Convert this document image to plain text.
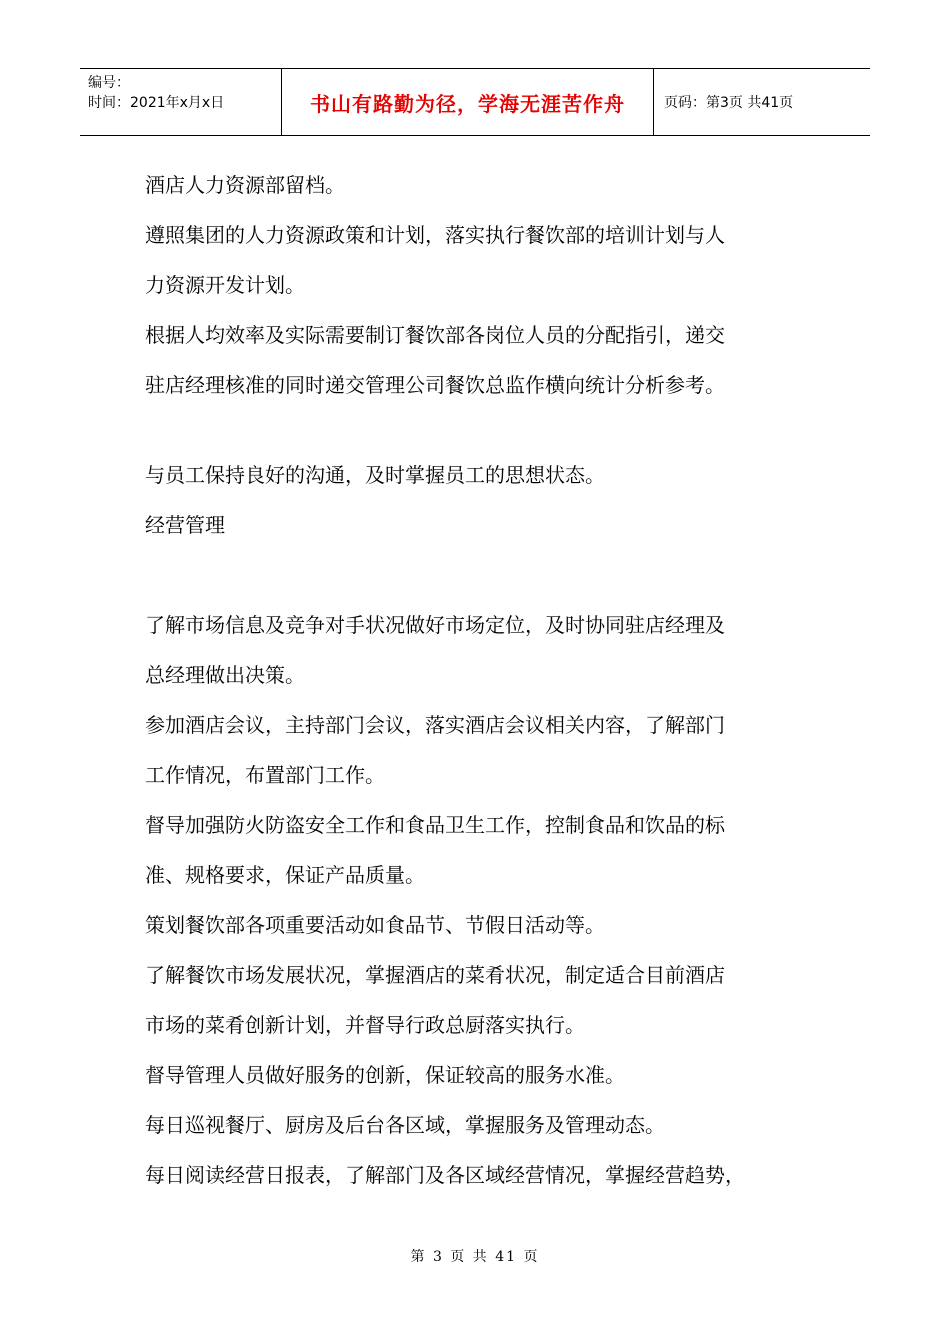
编号：
时间：2021年x月x日	书山有路勤为径，学海无涯苦作舟	页码：第3页 共41页

酒店人力资源部留档。

遵照集团的人力资源政策和计划，落实执行餐饮部的培训计划与人

力资源开发计划。

根据人均效率及实际需要制订餐饮部各岗位人员的分配指引，递交

驻店经理核准的同时递交管理公司餐饮总监作横向统计分析参考。

与员工保持良好的沟通，及时掌握员工的思想状态。

经营管理

了解市场信息及竞争对手状况做好市场定位，及时协同驻店经理及

总经理做出决策。

参加酒店会议，主持部门会议，落实酒店会议相关内容，了解部门

工作情况，布置部门工作。

督导加强防火防盗安全工作和食品卫生工作，控制食品和饮品的标

准、规格要求，保证产品质量。

策划餐饮部各项重要活动如食品节、节假日活动等。

了解餐饮市场发展状况，掌握酒店的菜肴状况，制定适合目前酒店

市场的菜肴创新计划，并督导行政总厨落实执行。

督导管理人员做好服务的创新，保证较高的服务水准。

每日巡视餐厅、厨房及后台各区域，掌握服务及管理动态。

每日阅读经营日报表，了解部门及各区域经营情况，掌握经营趋势，

第 3 页 共 41 页
